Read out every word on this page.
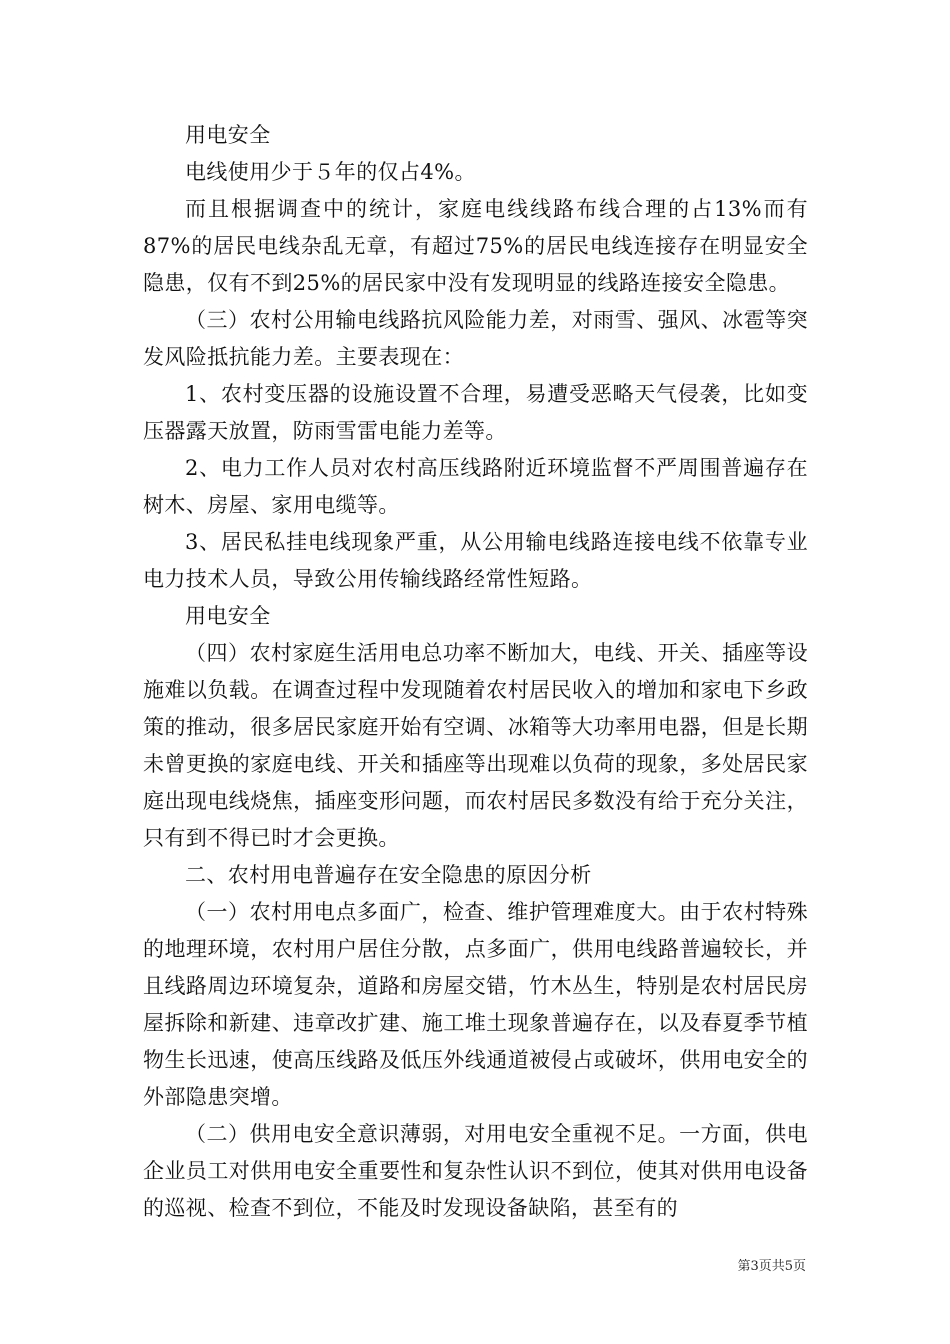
用电安全

电线使用少于５年的仅占4%。

而且根据调查中的统计，家庭电线线路布线合理的占13%而有87%的居民电线杂乱无章，有超过75%的居民电线连接存在明显安全隐患，仅有不到25%的居民家中没有发现明显的线路连接安全隐患。

（三）农村公用输电线路抗风险能力差，对雨雪、强风、冰雹等突发风险抵抗能力差。主要表现在：

1、农村变压器的设施设置不合理，易遭受恶略天气侵袭，比如变压器露天放置，防雨雪雷电能力差等。

2、电力工作人员对农村高压线路附近环境监督不严周围普遍存在树木、房屋、家用电缆等。

3、居民私挂电线现象严重，从公用输电线路连接电线不依靠专业电力技术人员，导致公用传输线路经常性短路。

用电安全

（四）农村家庭生活用电总功率不断加大，电线、开关、插座等设施难以负载。在调查过程中发现随着农村居民收入的增加和家电下乡政策的推动，很多居民家庭开始有空调、冰箱等大功率用电器，但是长期未曾更换的家庭电线、开关和插座等出现难以负荷的现象，多处居民家庭出现电线烧焦，插座变形问题，而农村居民多数没有给于充分关注，只有到不得已时才会更换。

二、农村用电普遍存在安全隐患的原因分析

（一）农村用电点多面广，检查、维护管理难度大。由于农村特殊的地理环境，农村用户居住分散，点多面广，供用电线路普遍较长，并且线路周边环境复杂，道路和房屋交错，竹木丛生，特别是农村居民房屋拆除和新建、违章改扩建、施工堆土现象普遍存在，以及春夏季节植物生长迅速，使高压线路及低压外线通道被侵占或破坏，供用电安全的外部隐患突增。

（二）供用电安全意识薄弱，对用电安全重视不足。一方面，供电企业员工对供用电安全重要性和复杂性认识不到位，使其对供用电设备的巡视、检查不到位，不能及时发现设备缺陷，甚至有的

第3页共5页
